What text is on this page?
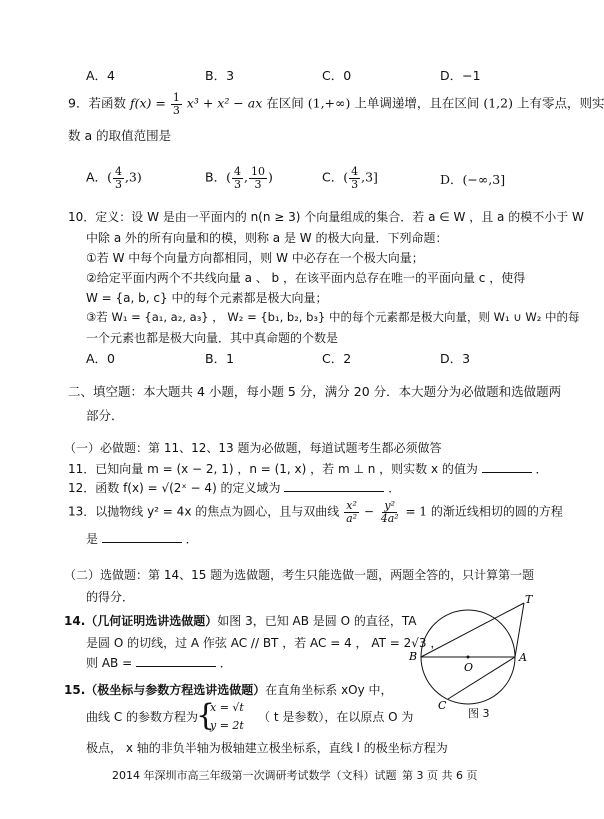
A．4	B．3	C．0	D．−1
9．若函数 $f(x) = \frac{1}{3} x^3 + x^2$ − ax 在区间 (1,+∞) 上单调递增，且在区间 (1,2) 上有零点，则实
数 a 的取值范围是
A．( $\frac{4}{3} ,3$)	B．( $\frac{4}{3}$ , $\frac{10}{3}$ )	C．( $\frac{4}{3} ,3$]	D．(−∞,3]
10．定义：设 W 是由一平面内的 n(n ≥ 3) 个向量组成的集合．若 a ∈ W ，且 a 的模不小于 W
中除 a 外的所有向量和的模，则称 a 是 W 的极大向量．下列命题：
①若 W 中每个向量方向都相同，则 W 中必存在一个极大向量；
②给定平面内两个不共线向量 a 、 b ，在该平面内总存在唯一的平面向量 c ，使得
W = {a, b, c} 中的每个元素都是极大向量；
③若 W₁ = {a₁, a₂, a₃} ， W₂ = {b₁, b₂, b₃} 中的每个元素都是极大向量，则 W₁ ∪ W₂ 中的每
一个元素也都是极大向量．其中真命题的个数是
A．0	B．1	C．2	D．3
二、填空题：本大题共 4 小题，每小题 5 分，满分 20 分．本大题分为必做题和选做题两
部分．
（一）必做题：第 11、12、13 题为必做题，每道试题考生都必须做答
11．已知向量 m = (x − 2, 1) ，n = (1, x) ，若 m ⊥ n ，则实数 x 的值为	．
12．函数 f(x) = √(2ˣ − 4) 的定义域为	．
13．以抛物线 y² = 4x 的焦点为圆心，且与双曲线 $\frac{\text{x²}}{\text{a²}} - \frac{\text{y²}}{\text{4a²}} = 1$ 的渐近线相切的圆的方程
是	．
（二）选做题：第 14、15 题为选做题，考生只能选做一题，两题全答的，只计算第一题
的得分．
14.（几何证明选讲选做题）如图 3，已知 AB 是圆 O 的直径，TA
是圆 O 的切线，过 A 作弦 AC // BT ，若 AC = 4 ， AT = 2√3 ，
则 AB =	．
15.（极坐标与参数方程选讲选做题）在直角坐标系 xOy 中，
曲线 C 的参数方程为
{
x = √t
y = 2t
（ t 是参数），在以原点 O 为
极点， x 轴的非负半轴为极轴建立极坐标系，直线 l 的极坐标方程为
T
B
O
A
C
图 3
2014 年深圳市高三年级第一次调研考试数学（文科）试题 第 3 页 共 6 页
